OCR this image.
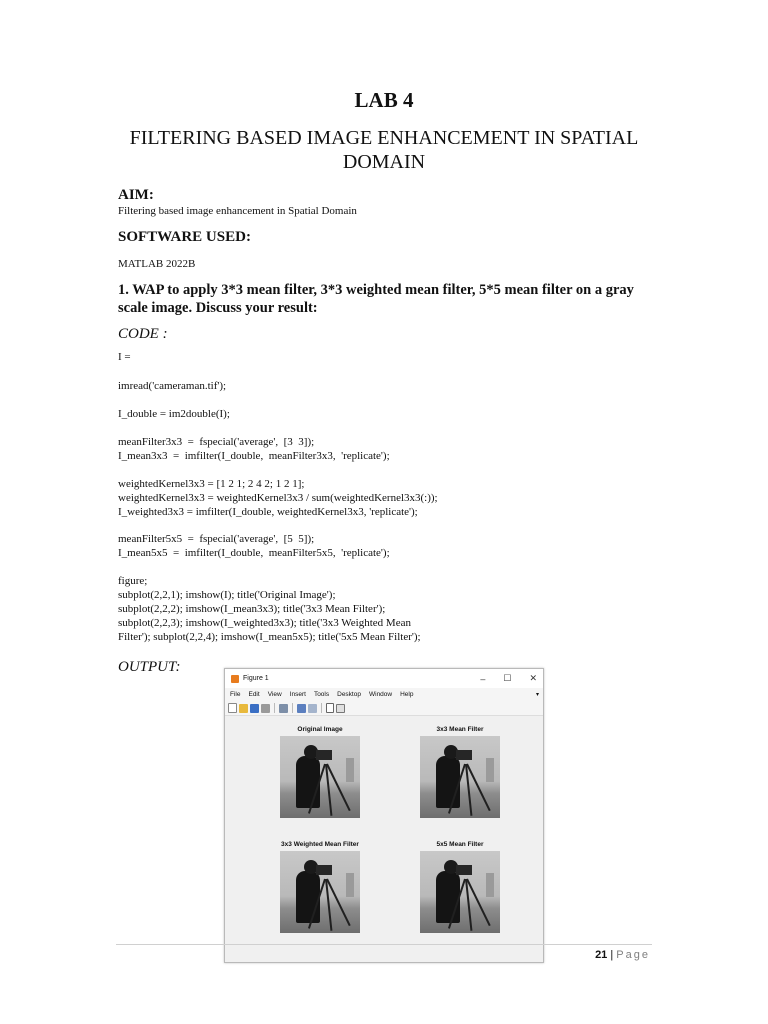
LAB 4
FILTERING BASED IMAGE ENHANCEMENT IN SPATIAL DOMAIN
AIM:
Filtering based image enhancement in Spatial Domain
SOFTWARE USED:
MATLAB 2022B
1. WAP to apply 3*3 mean filter, 3*3 weighted mean filter, 5*5 mean filter on a gray scale image. Discuss your result:
CODE :
I =
imread('cameraman.tif');
I_double = im2double(I);
meanFilter3x3  =  fspecial('average',  [3  3]);
I_mean3x3  =  imfilter(I_double,  meanFilter3x3,  'replicate');
weightedKernel3x3 = [1 2 1; 2 4 2; 1 2 1];
weightedKernel3x3 = weightedKernel3x3 / sum(weightedKernel3x3(:));
I_weighted3x3 = imfilter(I_double, weightedKernel3x3, 'replicate');
meanFilter5x5  =  fspecial('average',  [5  5]);
I_mean5x5  =  imfilter(I_double,  meanFilter5x5,  'replicate');
figure;
subplot(2,2,1); imshow(I); title('Original Image');
subplot(2,2,2); imshow(I_mean3x3); title('3x3 Mean Filter');
subplot(2,2,3); imshow(I_weighted3x3); title('3x3 Weighted Mean
Filter'); subplot(2,2,4); imshow(I_mean5x5); title('5x5 Mean Filter');
OUTPUT:
Figure 1	– ☐ ✕
File Edit View Insert Tools Desktop Window Help	▾
Original Image	3x3 Mean Filter
3x3 Weighted Mean Filter	5x5 Mean Filter
21 | Page
